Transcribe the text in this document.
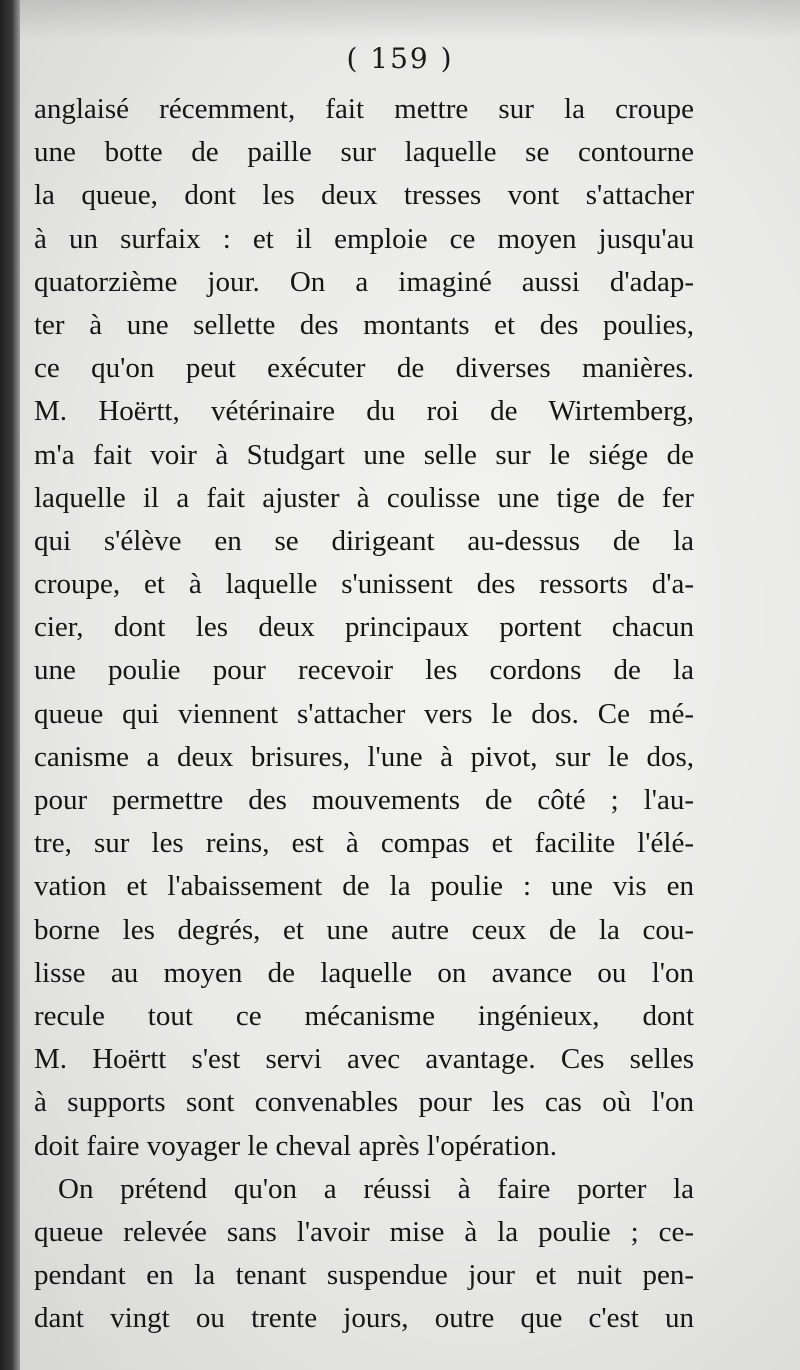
( 159 )
anglaisé récemment, fait mettre sur la croupe
une botte de paille sur laquelle se contourne
la queue, dont les deux tresses vont s'attacher
à un surfaix : et il emploie ce moyen jusqu'au
quatorzième jour. On a imaginé aussi d'adap-
ter à une sellette des montants et des poulies,
ce qu'on peut exécuter de diverses manières.
M. Hoërtt, vétérinaire du roi de Wirtemberg,
m'a fait voir à Studgart une selle sur le siége de
laquelle il a fait ajuster à coulisse une tige de fer
qui s'élève en se dirigeant au-dessus de la
croupe, et à laquelle s'unissent des ressorts d'a-
cier, dont les deux principaux portent chacun
une poulie pour recevoir les cordons de la
queue qui viennent s'attacher vers le dos. Ce mé-
canisme a deux brisures, l'une à pivot, sur le dos,
pour permettre des mouvements de côté ; l'au-
tre, sur les reins, est à compas et facilite l'élé-
vation et l'abaissement de la poulie : une vis en
borne les degrés, et une autre ceux de la cou-
lisse au moyen de laquelle on avance ou l'on
recule tout ce mécanisme ingénieux, dont
M. Hoërtt s'est servi avec avantage. Ces selles
à supports sont convenables pour les cas où l'on
doit faire voyager le cheval après l'opération.
On prétend qu'on a réussi à faire porter la
queue relevée sans l'avoir mise à la poulie ; ce-
pendant en la tenant suspendue jour et nuit pen-
dant vingt ou trente jours, outre que c'est un
